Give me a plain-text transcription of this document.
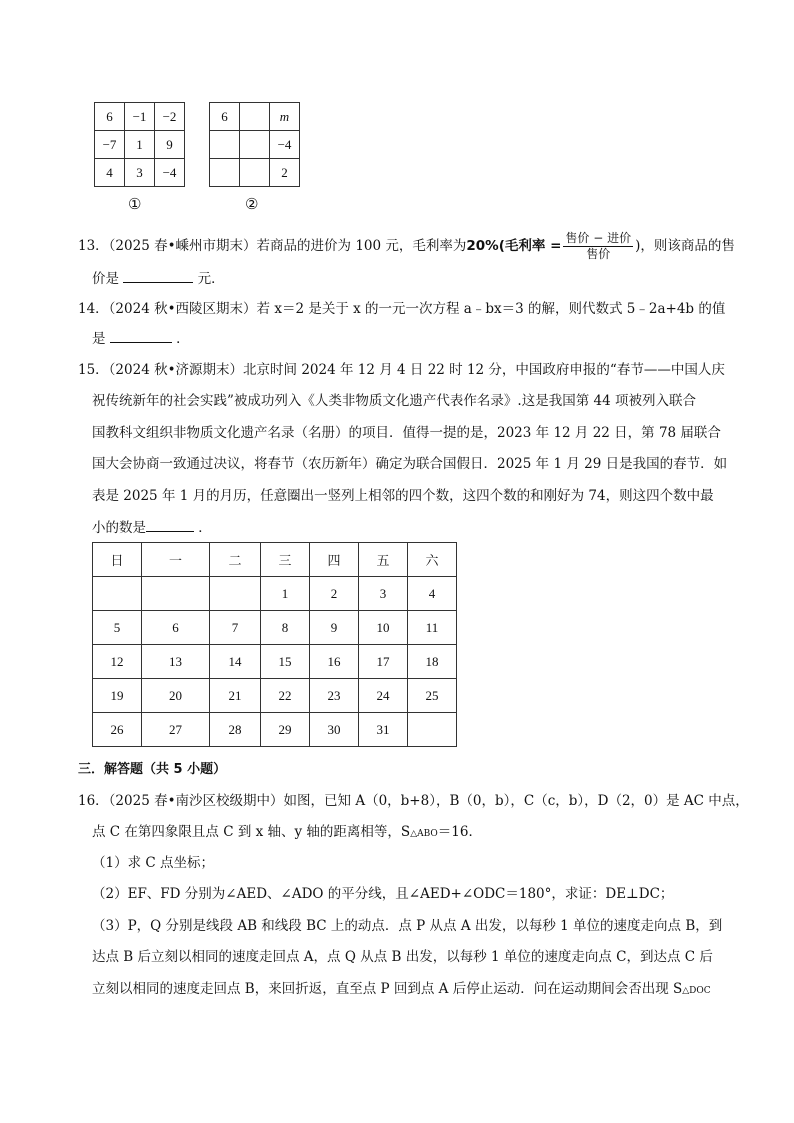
6	−1	−2
−7	1	9
4	3	−4
6		m
		−4
		2
①	②
13．（2025 春•嵊州市期末）若商品的进价为 100 元，毛利率为20%(毛利率 = $\frac{\text{售价 − 进价}}{\text{售价}}$ )，则该商品的售
价是	元．
14．（2024 秋•西陵区期末）若 x＝2 是关于 x 的一元一次方程 a﹣bx＝3 的解，则代数式 5﹣2a+4b 的值
是	．
15．（2024 秋•济源期末）北京时间 2024 年 12 月 4 日 22 时 12 分，中国政府申报的“春节——中国人庆
祝传统新年的社会实践”被成功列入《人类非物质文化遗产代表作名录》.这是我国第 44 项被列入联合
国教科文组织非物质文化遗产名录（名册）的项目．值得一提的是，2023 年 12 月 22 日，第 78 届联合
国大会协商一致通过决议，将春节（农历新年）确定为联合国假日．2025 年 1 月 29 日是我国的春节．如
表是 2025 年 1 月的月历，任意圈出一竖列上相邻的四个数，这四个数的和刚好为 74，则这四个数中最
小的数是	．
日	一	二	三	四	五	六
			1	2	3	4
5	6	7	8	9	10	11
12	13	14	15	16	17	18
19	20	21	22	23	24	25
26	27	28	29	30	31	
三．解答题（共 5 小题）
16．（2025 春•南沙区校级期中）如图，已知 A（0，b+8），B（0，b），C（c，b），D（2，0）是 AC 中点，
点 C 在第四象限且点 C 到 x 轴、y 轴的距离相等，S△ABO＝16．
（1）求 C 点坐标；
（2）EF、FD 分别为∠AED、∠ADO 的平分线，且∠AED+∠ODC＝180°，求证：DE⊥DC；
（3）P，Q 分别是线段 AB 和线段 BC 上的动点．点 P 从点 A 出发，以每秒 1 单位的速度走向点 B，到
达点 B 后立刻以相同的速度走回点 A，点 Q 从点 B 出发，以每秒 1 单位的速度走向点 C，到达点 C 后
立刻以相同的速度走回点 B，来回折返，直至点 P 回到点 A 后停止运动．问在运动期间会否出现 S△DOC
